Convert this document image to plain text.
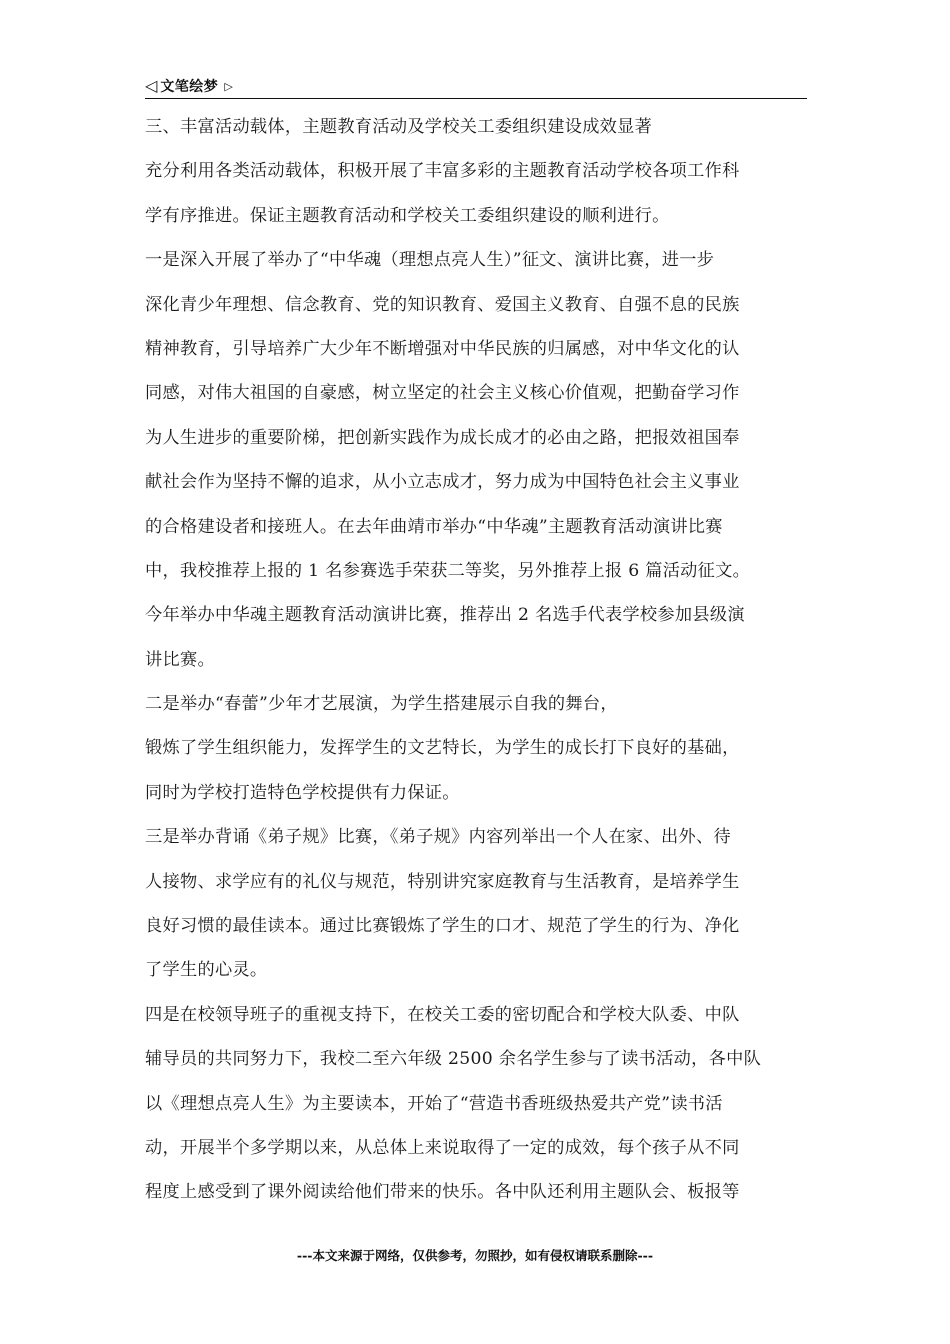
◁ 文笔绘梦 ▷
三、丰富活动载体，主题教育活动及学校关工委组织建设成效显著
充分利用各类活动载体，积极开展了丰富多彩的主题教育活动学校各项工作科
学有序推进。保证主题教育活动和学校关工委组织建设的顺利进行。
一是深入开展了举办了“中华魂（理想点亮人生）”征文、演讲比赛，进一步
深化青少年理想、信念教育、党的知识教育、爱国主义教育、自强不息的民族
精神教育，引导培养广大少年不断增强对中华民族的归属感，对中华文化的认
同感，对伟大祖国的自豪感，树立坚定的社会主义核心价值观，把勤奋学习作
为人生进步的重要阶梯，把创新实践作为成长成才的必由之路，把报效祖国奉
献社会作为坚持不懈的追求，从小立志成才，努力成为中国特色社会主义事业
的合格建设者和接班人。在去年曲靖市举办“中华魂”主题教育活动演讲比赛
中，我校推荐上报的 1 名参赛选手荣获二等奖，另外推荐上报 6 篇活动征文。
今年举办中华魂主题教育活动演讲比赛，推荐出 2 名选手代表学校参加县级演
讲比赛。
二是举办“春蕾”少年才艺展演，为学生搭建展示自我的舞台，
锻炼了学生组织能力，发挥学生的文艺特长，为学生的成长打下良好的基础，
同时为学校打造特色学校提供有力保证。
三是举办背诵《弟子规》比赛，《弟子规》内容列举出一个人在家、出外、待
人接物、求学应有的礼仪与规范，特别讲究家庭教育与生活教育，是培养学生
良好习惯的最佳读本。通过比赛锻炼了学生的口才、规范了学生的行为、净化
了学生的心灵。
四是在校领导班子的重视支持下，在校关工委的密切配合和学校大队委、中队
辅导员的共同努力下，我校二至六年级 2500 余名学生参与了读书活动，各中队
以《理想点亮人生》为主要读本，开始了“营造书香班级热爱共产党”读书活
动，开展半个多学期以来，从总体上来说取得了一定的成效，每个孩子从不同
程度上感受到了课外阅读给他们带来的快乐。各中队还利用主题队会、板报等
---本文来源于网络，仅供参考，勿照抄，如有侵权请联系删除---
